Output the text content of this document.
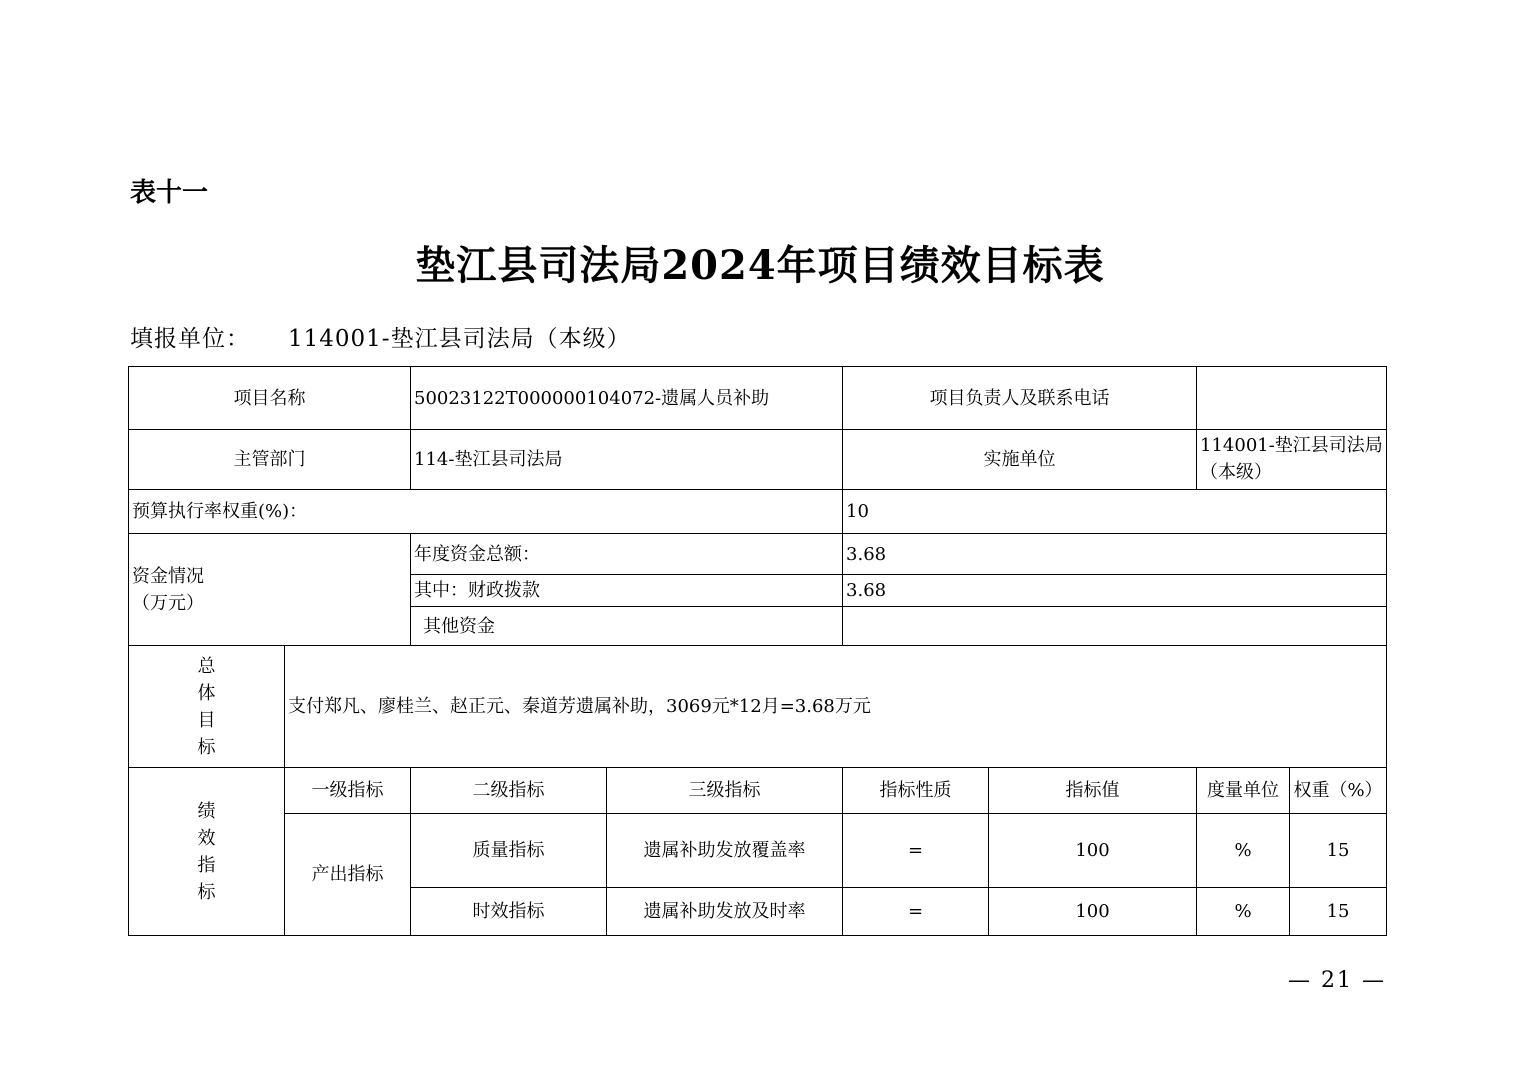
表十一
垫江县司法局2024年项目绩效目标表
填报单位： 114001-垫江县司法局（本级）
项目名称		50023122T000000104072-遗属人员补助		项目负责人及联系电话			
主管部门		114-垫江县司法局		实施单位		114001-垫江县司法局（本级）	
预算执行率权重(%)：				10			

资金情况
（万元）		年度资金总额：		3.68			
		其中：财政拨款		3.68			
		其他资金					

总
体
目
标	支付郑凡、廖桂兰、赵正元、秦道芳遗属补助，3069元*12月=3.68万元						

绩
效
指
标	一级指标	二级指标	三级指标	指标性质	指标值	度量单位	权重（%）
	产出指标	质量指标	遗属补助发放覆盖率	=	100	%	15
		时效指标	遗属补助发放及时率	=	100	%	15
— 21 —
